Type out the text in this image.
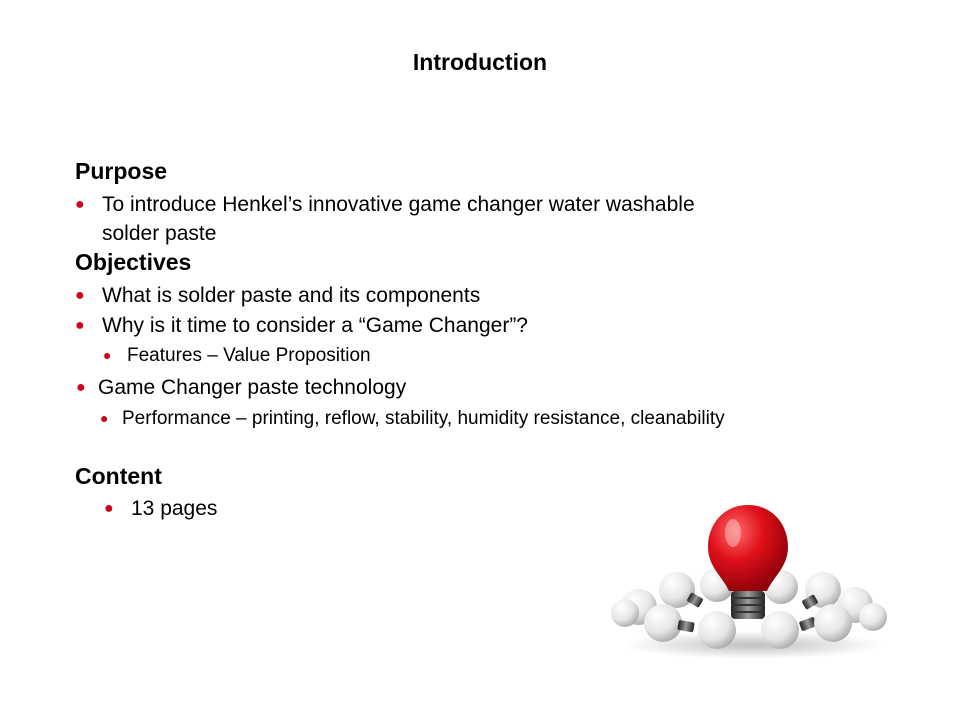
Introduction
Purpose
● To introduce Henkel’s innovative game changer water washable
solder paste
Objectives
● What is solder paste and its components
● Why is it time to consider a “Game Changer”?
● Features – Value Proposition
● Game Changer paste technology
● Performance – printing, reflow, stability, humidity resistance, cleanability
Content
● 13 pages
